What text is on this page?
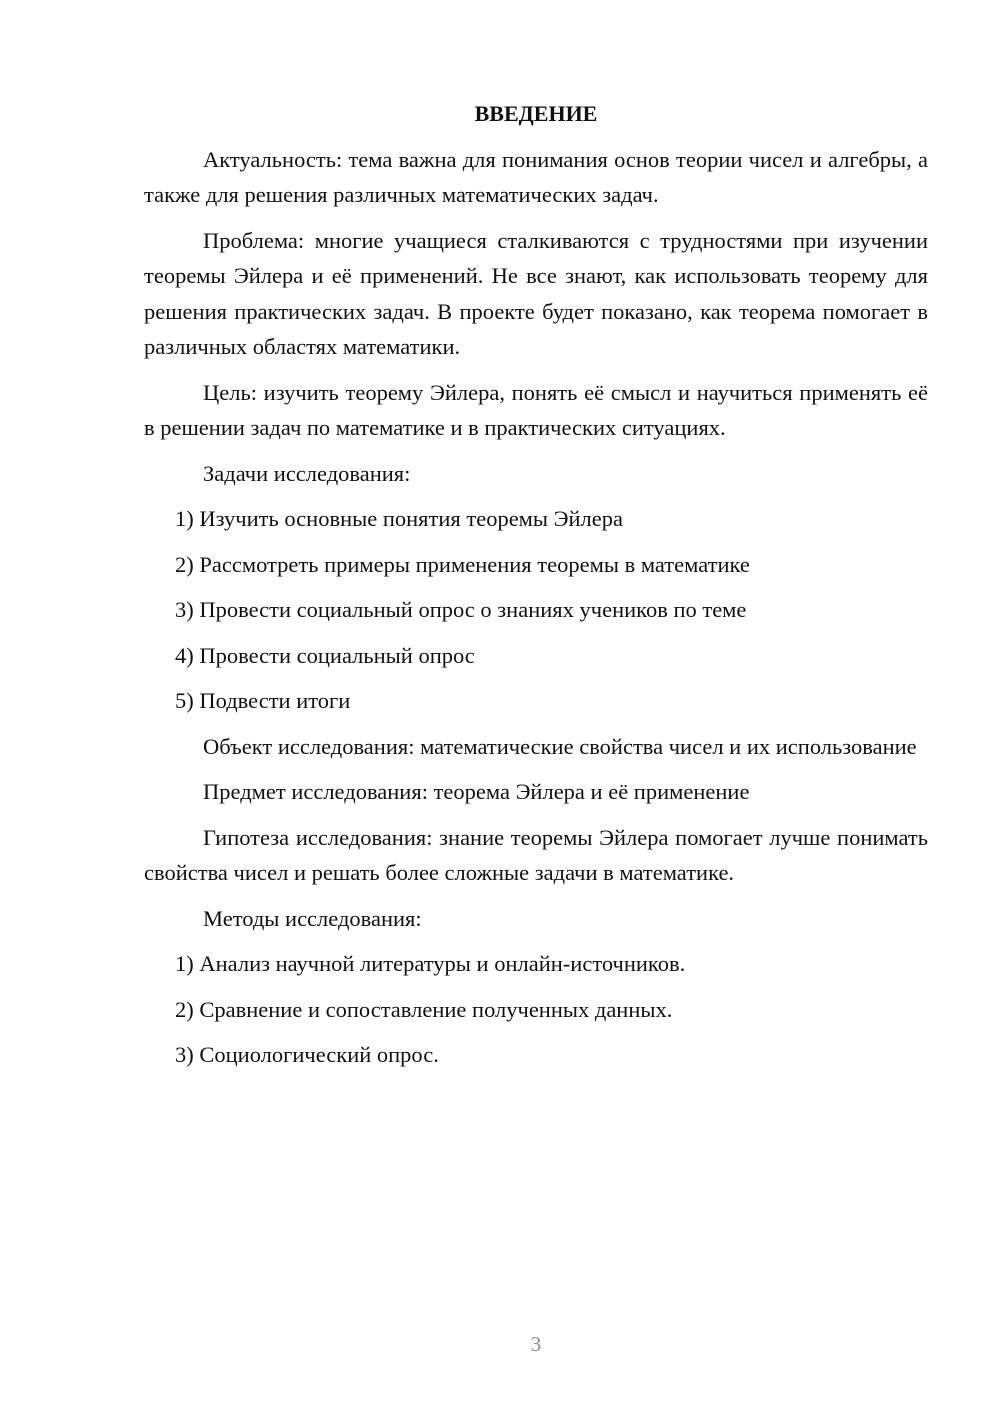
ВВЕДЕНИЕ

Актуальность: тема важна для понимания основ теории чисел и алгебры, а также для решения различных математических задач.

Проблема: многие учащиеся сталкиваются с трудностями при изучении теоремы Эйлера и её применений. Не все знают, как использовать теорему для решения практических задач. В проекте будет показано, как теорема помогает в различных областях математики.

Цель: изучить теорему Эйлера, понять её смысл и научиться применять её в решении задач по математике и в практических ситуациях.

Задачи исследования:

1) Изучить основные понятия теоремы Эйлера
2) Рассмотреть примеры применения теоремы в математике
3) Провести социальный опрос о знаниях учеников по теме
4) Провести социальный опрос
5) Подвести итоги

Объект исследования: математические свойства чисел и их использование

Предмет исследования: теорема Эйлера и её применение

Гипотеза исследования: знание теоремы Эйлера помогает лучше понимать свойства чисел и решать более сложные задачи в математике.

Методы исследования:

1) Анализ научной литературы и онлайн-источников.
2) Сравнение и сопоставление полученных данных.
3) Социологический опрос.
3
